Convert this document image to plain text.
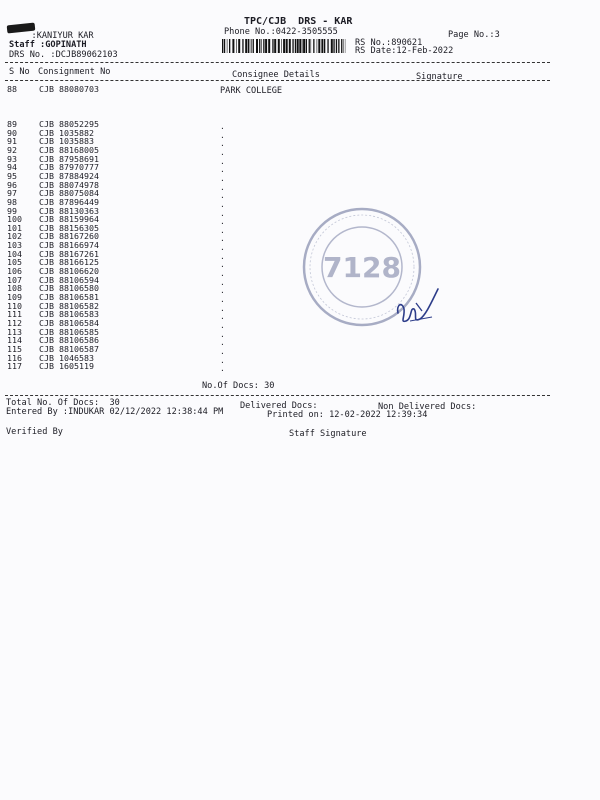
TPC/CJB  DRS - KAR
Phone No.:0422-3505555	Page No.:3
:KANIYUR KAR
Staff :GOPINATH
DRS No. :DCJB89062103
RS No.:890621
RS Date:12-Feb-2022
S No Consignment No	Consignee Details	Signature
88	CJB 88080703	PARK COLLEGE
89	CJB 88052295
90	CJB 1035882
91	CJB 1035883
92	CJB 88168005
93	CJB 87958691
94	CJB 87970777
95	CJB 87884924
96	CJB 88074978
97	CJB 88075084
98	CJB 87896449
99	CJB 88130363
100	CJB 88159964
101	CJB 88156305
102	CJB 88167260
103	CJB 88166974
104	CJB 88167261
105	CJB 88166125
106	CJB 88106620
107	CJB 88106594
108	CJB 88106580
109	CJB 88106581
110	CJB 88106582
111	CJB 88106583
112	CJB 88106584
113	CJB 88106585
114	CJB 88106586
115	CJB 88106587
116	CJB 1046583
117	CJB 1605119
.
.
.
.
.
.
.
.
.
.
.
.
.
.
.
.
.
.
.
.
.
.
.
.
.
.
.
.
.
No.Of Docs: 30
7128
Total No. Of Docs:  30	Delivered Docs:	Non Delivered Docs:
Entered By :INDUKAR 02/12/2022 12:38:44 PM	Printed on: 12-02-2022 12:39:34
Verified By	Staff Signature
